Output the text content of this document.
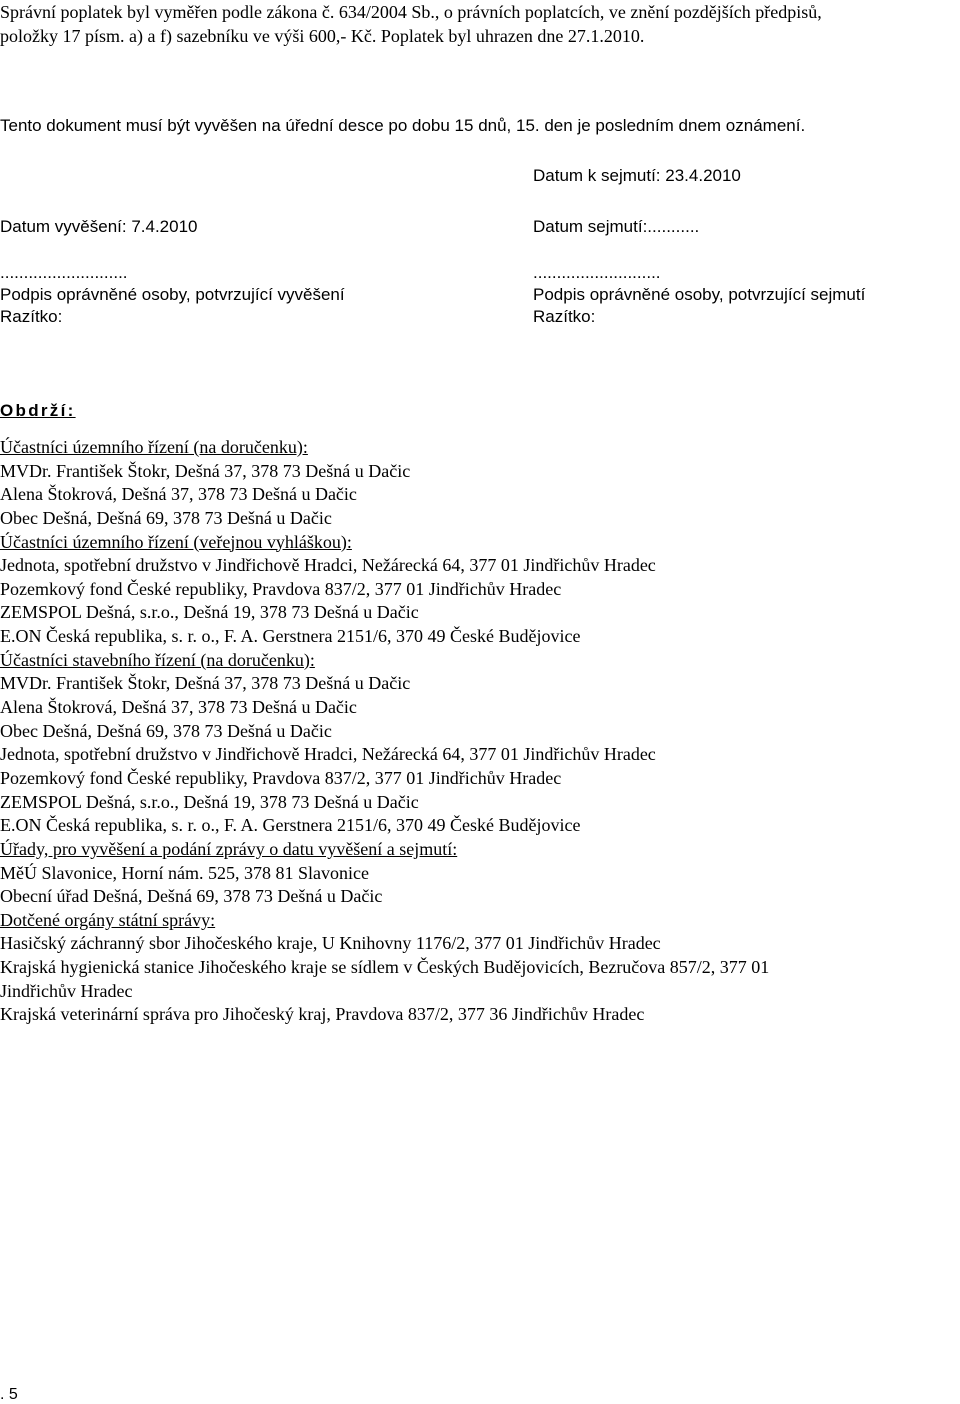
Správní poplatek byl vyměřen podle zákona č. 634/2004 Sb., o právních poplatcích, ve znění pozdějších předpisů,
položky 17 písm. a) a f) sazebníku ve výši 600,- Kč. Poplatek byl uhrazen dne 27.1.2010.
Tento dokument musí být vyvěšen na úřední desce po dobu 15 dnů, 15. den je posledním dnem oznámení.
Datum k sejmutí: 23.4.2010
Datum vyvěšení: 7.4.2010
...........................
Podpis oprávněné osoby, potvrzující vyvěšení
Razítko:
Datum sejmutí:...........
...........................
Podpis oprávněné osoby, potvrzující sejmutí
Razítko:
Obdrží:
Účastníci územního řízení (na doručenku):
MVDr. František Štokr, Dešná 37, 378 73 Dešná u Dačic
Alena Štokrová, Dešná 37, 378 73 Dešná u Dačic
Obec Dešná, Dešná 69, 378 73 Dešná u Dačic
Účastníci územního řízení (veřejnou vyhláškou):
Jednota, spotřební družstvo v Jindřichově Hradci, Nežárecká 64, 377 01 Jindřichův Hradec
Pozemkový fond České republiky, Pravdova 837/2, 377 01 Jindřichův Hradec
ZEMSPOL Dešná, s.r.o., Dešná 19, 378 73 Dešná u Dačic
E.ON Česká republika, s. r. o., F. A. Gerstnera 2151/6, 370 49 České Budějovice
Účastníci stavebního řízení (na doručenku):
MVDr. František Štokr, Dešná 37, 378 73 Dešná u Dačic
Alena Štokrová, Dešná 37, 378 73 Dešná u Dačic
Obec Dešná, Dešná 69, 378 73 Dešná u Dačic
Jednota, spotřební družstvo v Jindřichově Hradci, Nežárecká 64, 377 01 Jindřichův Hradec
Pozemkový fond České republiky, Pravdova 837/2, 377 01 Jindřichův Hradec
ZEMSPOL Dešná, s.r.o., Dešná 19, 378 73 Dešná u Dačic
E.ON Česká republika, s. r. o., F. A. Gerstnera 2151/6, 370 49 České Budějovice
Úřady, pro vyvěšení a podání zprávy o datu vyvěšení a sejmutí:
MěÚ Slavonice, Horní nám. 525, 378 81 Slavonice
Obecní úřad Dešná, Dešná 69, 378 73 Dešná u Dačic
Dotčené orgány státní správy:
Hasičský záchranný sbor Jihočeského kraje, U Knihovny 1176/2, 377 01 Jindřichův Hradec
Krajská hygienická stanice Jihočeského kraje se sídlem v Českých Budějovicích, Bezručova 857/2, 377 01
Jindřichův Hradec
Krajská veterinární správa pro Jihočeský kraj, Pravdova 837/2, 377 36 Jindřichův Hradec
. 5
